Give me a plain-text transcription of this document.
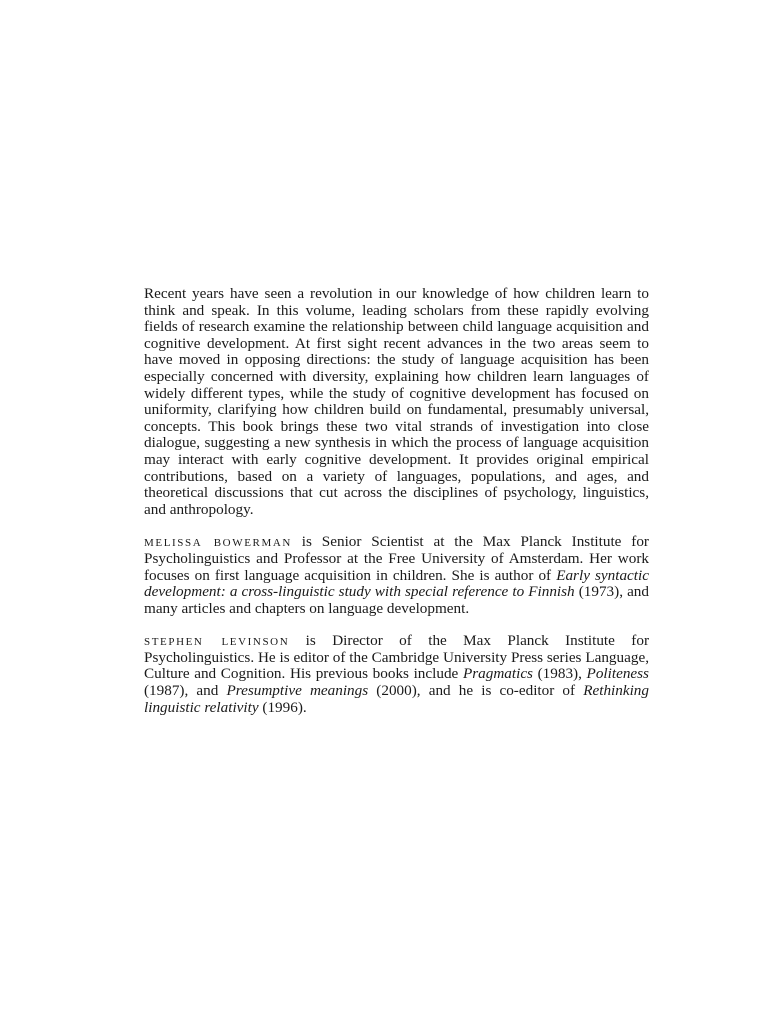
Recent years have seen a revolution in our knowledge of how children learn to think and speak. In this volume, leading scholars from these rapidly evolving fields of research examine the relationship between child language acquisition and cognitive development. At first sight recent advances in the two areas seem to have moved in opposing directions: the study of language acquisition has been especially concerned with diversity, explaining how children learn languages of widely different types, while the study of cognitive development has focused on uniformity, clarifying how children build on fundamental, presumably universal, concepts. This book brings these two vital strands of investigation into close dialogue, suggesting a new synthesis in which the process of language acquisition may interact with early cognitive development. It provides original empirical contributions, based on a variety of languages, populations, and ages, and theoretical discussions that cut across the disciplines of psychology, linguistics, and anthropology.

melissa bowerman is Senior Scientist at the Max Planck Institute for Psycholinguistics and Professor at the Free University of Amsterdam. Her work focuses on first language acquisition in children. She is author of Early syntactic development: a cross-linguistic study with special reference to Finnish (1973), and many articles and chapters on language development.

stephen levinson is Director of the Max Planck Institute for Psycholinguistics. He is editor of the Cambridge University Press series Language, Culture and Cognition. His previous books include Pragmatics (1983), Politeness (1987), and Presumptive meanings (2000), and he is co-editor of Rethinking linguistic relativity (1996).
